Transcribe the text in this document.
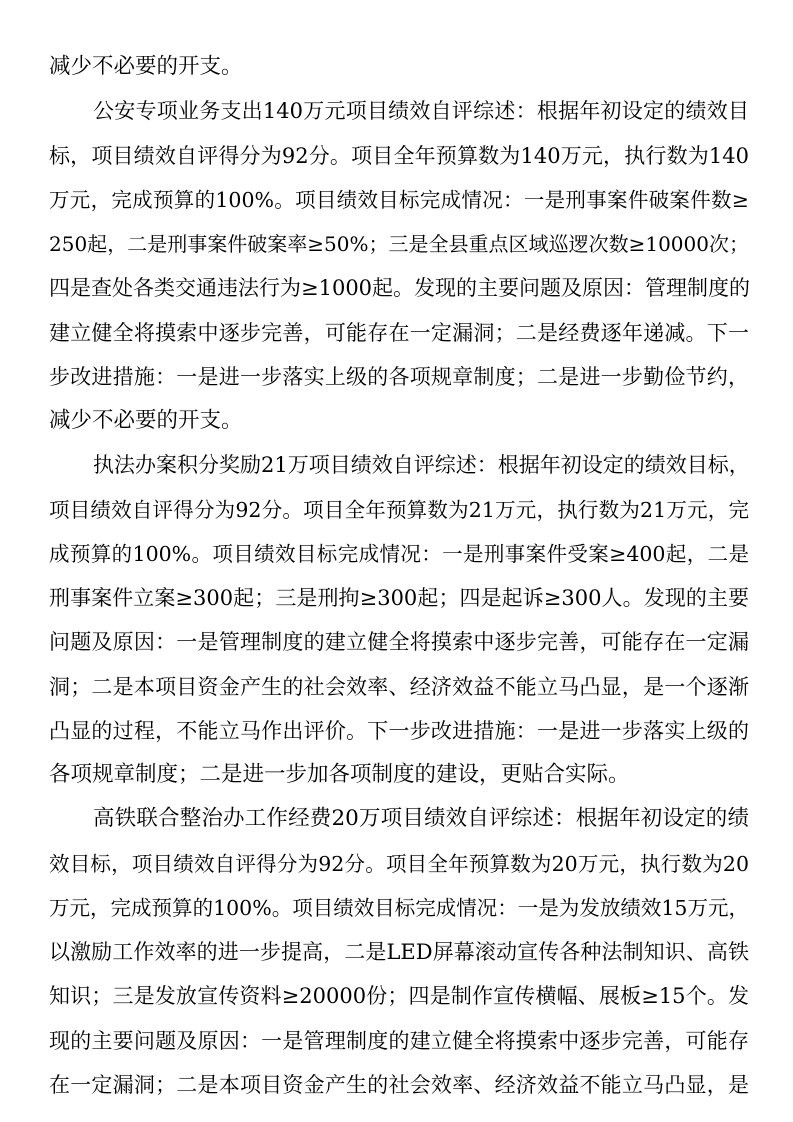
减少不必要的开支。
公安专项业务支出140万元项目绩效自评综述：根据年初设定的绩效目
标，项目绩效自评得分为92分。项目全年预算数为140万元，执行数为140
万元，完成预算的100%。项目绩效目标完成情况：一是刑事案件破案件数≥
250起，二是刑事案件破案率≥50%；三是全县重点区域巡逻次数≥10000次；
四是查处各类交通违法行为≥1000起。发现的主要问题及原因：管理制度的
建立健全将摸索中逐步完善，可能存在一定漏洞；二是经费逐年递减。下一
步改进措施：一是进一步落实上级的各项规章制度；二是进一步勤俭节约，
减少不必要的开支。
执法办案积分奖励21万项目绩效自评综述：根据年初设定的绩效目标，
项目绩效自评得分为92分。项目全年预算数为21万元，执行数为21万元，完
成预算的100%。项目绩效目标完成情况：一是刑事案件受案≥400起，二是
刑事案件立案≥300起；三是刑拘≥300起；四是起诉≥300人。发现的主要
问题及原因：一是管理制度的建立健全将摸索中逐步完善，可能存在一定漏
洞；二是本项目资金产生的社会效率、经济效益不能立马凸显，是一个逐渐
凸显的过程，不能立马作出评价。下一步改进措施：一是进一步落实上级的
各项规章制度；二是进一步加各项制度的建设，更贴合实际。
高铁联合整治办工作经费20万项目绩效自评综述：根据年初设定的绩
效目标，项目绩效自评得分为92分。项目全年预算数为20万元，执行数为20
万元，完成预算的100%。项目绩效目标完成情况：一是为发放绩效15万元，
以激励工作效率的进一步提高，二是LED屏幕滚动宣传各种法制知识、高铁
知识；三是发放宣传资料≥20000份；四是制作宣传横幅、展板≥15个。发
现的主要问题及原因：一是管理制度的建立健全将摸索中逐步完善，可能存
在一定漏洞；二是本项目资金产生的社会效率、经济效益不能立马凸显，是
